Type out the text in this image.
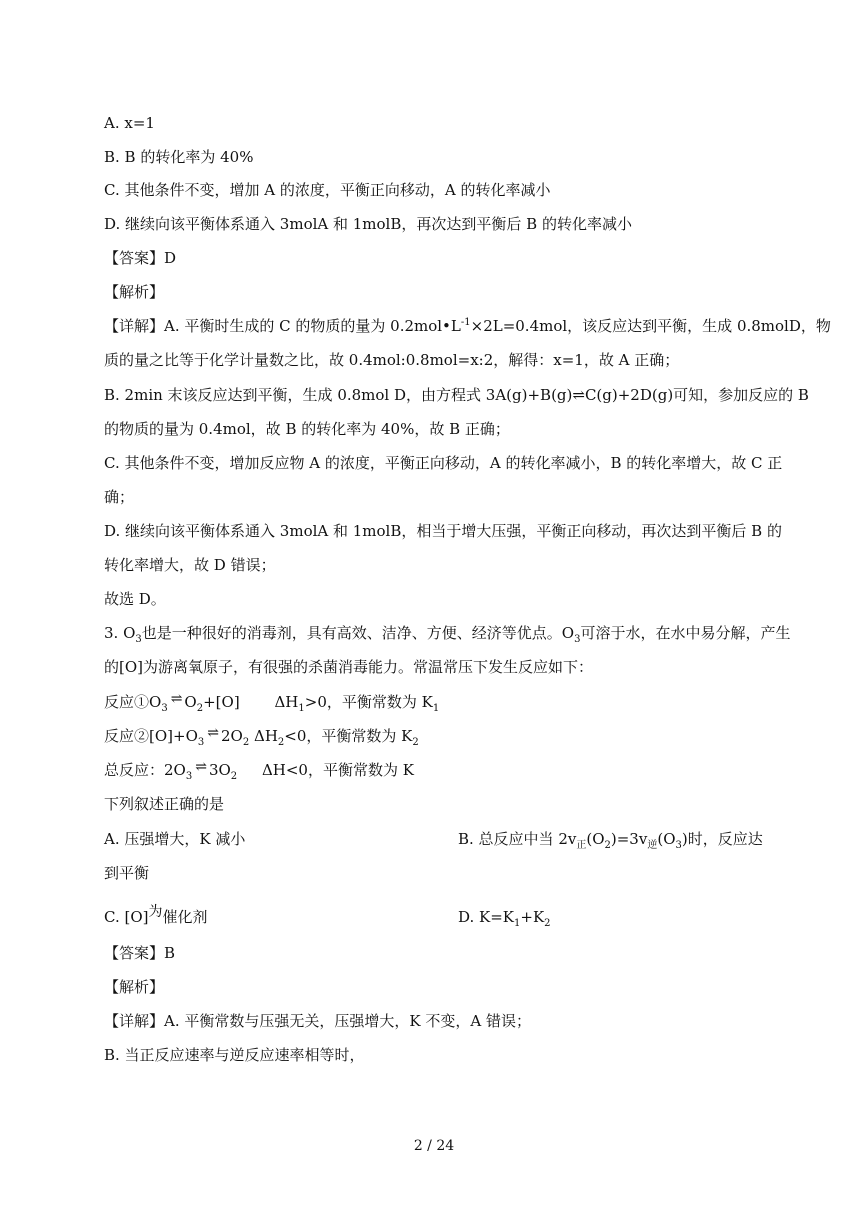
A. x=1
B. B 的转化率为 40%
C. 其他条件不变，增加 A 的浓度，平衡正向移动，A 的转化率减小
D. 继续向该平衡体系通入 3molA 和 1molB，再次达到平衡后 B 的转化率减小
【答案】D
【解析】
【详解】A. 平衡时生成的 C 的物质的量为 $0.2mol•L^{-1}\times 2L=0.4mol$，该反应达到平衡，生成 0.8molD，物
质的量之比等于化学计量数之比，故 0.4mol:0.8mol=x:2，解得：x=1，故 A 正确；
B. 2min 末该反应达到平衡，生成 0.8mol D，由方程式 3A(g)+B(g)⇌C(g)+2D(g)可知，参加反应的 B
的物质的量为 0.4mol，故 B 的转化率为 40%，故 B 正确；
C. 其他条件不变，增加反应物 A 的浓度，平衡正向移动，A 的转化率减小，B 的转化率增大，故 C 正
确；
D. 继续向该平衡体系通入 3molA 和 1molB，相当于增大压强，平衡正向移动，再次达到平衡后 B 的
转化率增大，故 D 错误；
故选 D。
3. $O_3$也是一种很好的消毒剂，具有高效、洁净、方便、经济等优点。$O_3$可溶于水，在水中易分解，产生
的[O]为游离氧原子，有很强的杀菌消毒能力。常温常压下发生反应如下：
反应$①O_3\rightleftharpoons$ $O_2+[O]$ $\Delta H_1>0$，平衡常数为 $K_1$
反应$②[O]+O_3\rightleftharpoons$ $2O_2$ $\Delta H_2<0$，平衡常数为 $K_2$
总反应：$2O_3\rightleftharpoons$ $3O_2$ ΔH<0，平衡常数为 K
下列叙述正确的是
A. 压强增大，K 减小	B. 总反应中当 $2v_正(O_2)=3v_逆(O_3)$时，反应达
到平衡
C. $[O]^为$催化剂	D. $K=K_1+K_2$
【答案】B
【解析】
【详解】A. 平衡常数与压强无关，压强增大，K 不变，A 错误；
B. 当正反应速率与逆反应速率相等时，
2 / 24
